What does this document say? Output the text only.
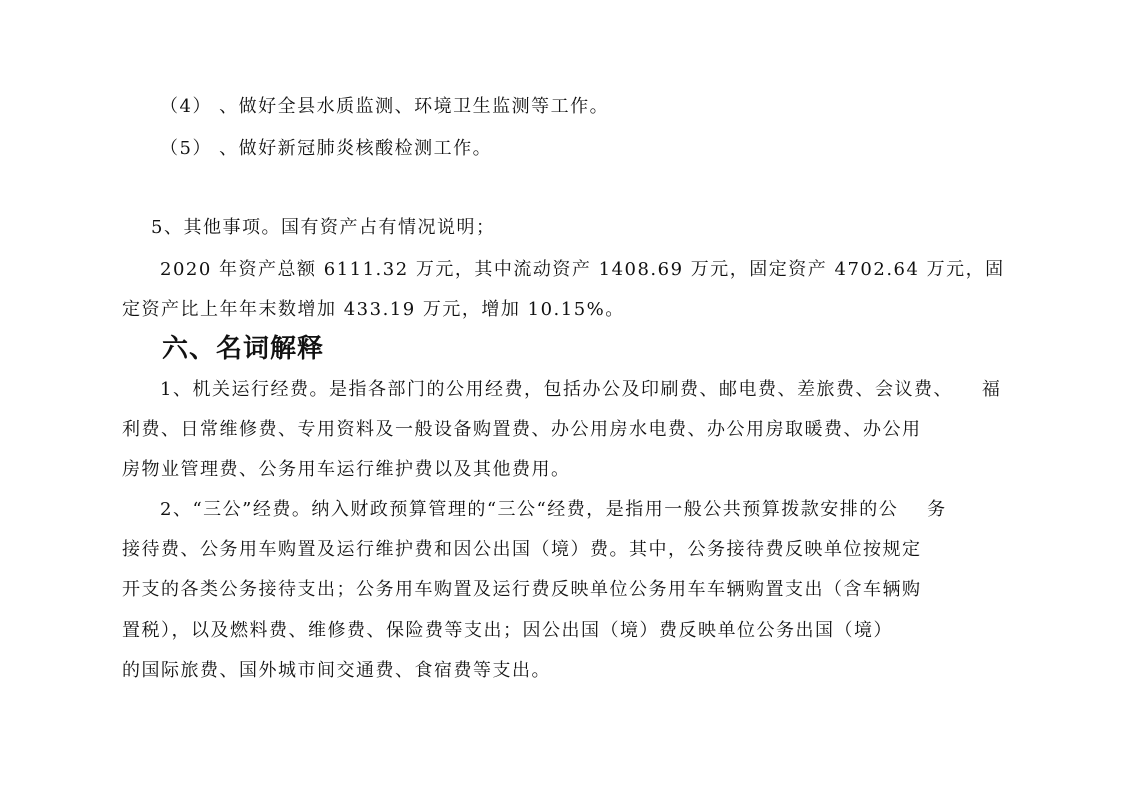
（4） 、做好全县水质监测、环境卫生监测等工作。
（5） 、做好新冠肺炎核酸检测工作。
5、其他事项。国有资产占有情况说明；
2020 年资产总额 6111.32 万元，其中流动资产 1408.69 万元，固定资产 4702.64 万元，固
定资产比上年年末数增加 433.19 万元，增加 10.15%。
六、名词解释
1、机关运行经费。是指各部门的公用经费，包括办公及印刷费、邮电费、差旅费、会议费、    福
利费、日常维修费、专用资料及一般设备购置费、办公用房水电费、办公用房取暖费、办公用
房物业管理费、公务用车运行维护费以及其他费用。
2、“三公”经费。纳入财政预算管理的“三公“经费，是指用一般公共预算拨款安排的公    务
接待费、公务用车购置及运行维护费和因公出国（境）费。其中，公务接待费反映单位按规定
开支的各类公务接待支出；公务用车购置及运行费反映单位公务用车车辆购置支出（含车辆购
置税），以及燃料费、维修费、保险费等支出；因公出国（境）费反映单位公务出国（境）
的国际旅费、国外城市间交通费、食宿费等支出。
